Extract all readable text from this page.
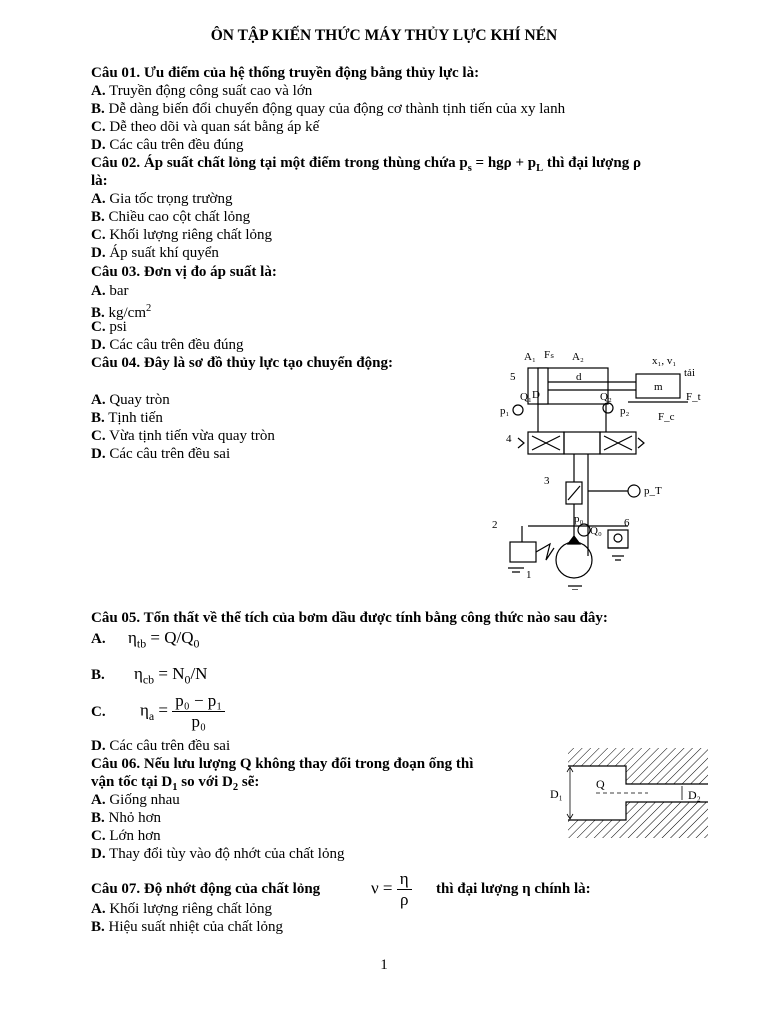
ÔN TẬP KIẾN THỨC MÁY THỦY LỰC KHÍ NÉN
Câu 01. Ưu điểm của hệ thống truyền động bằng thủy lực là:
A. Truyền động công suất cao và lớn
B. Dễ dàng biến đổi chuyển động quay của động cơ thành tịnh tiến của xy lanh
C. Dễ theo dõi và quan sát bằng áp kế
D. Các câu trên đều đúng
Câu 02. Áp suất chất lỏng tại một điểm trong thùng chứa $p_s = hg\rho + p_L$ thì đại lượng ρ
là:
A. Gia tốc trọng trường
B. Chiều cao cột chất lỏng
C. Khối lượng riêng chất lỏng
D. Áp suất khí quyển
Câu 03. Đơn vị đo áp suất là:
A. bar
B. $kg/cm^2$
C. psi
D. Các câu trên đều đúng
Câu 04. Đây là sơ đồ thủy lực tạo chuyển động:
A. Quay tròn
B. Tịnh tiến
C. Vừa tịnh tiến vừa quay tròn
D. Các câu trên đều sai
A₁ Fₛ A₂	x₁, v₁
tải
5	d
m
D
Q₁	Q₂
p₁	p₂
F_t
F_c
4
3
p_T
2	p₀
Q₀
6
1
Câu 05. Tổn thất về thể tích của bơm dầu được tính bằng công thức nào sau đây:
A. $\eta_{tb} = Q/Q_0$
B. $\eta_{cb} = N_0/N$
C. $\eta_a = \frac{\text{p₀ − p₁}}{\text{p₀}}$
D. Các câu trên đều sai
Câu 06. Nếu lưu lượng Q không thay đổi trong đoạn ống thì
vận tốc tại $D_1$ so với $D_2$ sẽ:
A. Giống nhau
B. Nhỏ hơn
C. Lớn hơn
D. Thay đổi tùy vào độ nhớt của chất lỏng
Q
D₁	D₂
Câu 07. Độ nhớt động của chất lỏng	$\nu = \frac{\eta}{\rho}$ thì đại lượng η chính là:
A. Khối lượng riêng chất lỏng
B. Hiệu suất nhiệt của chất lỏng
1
